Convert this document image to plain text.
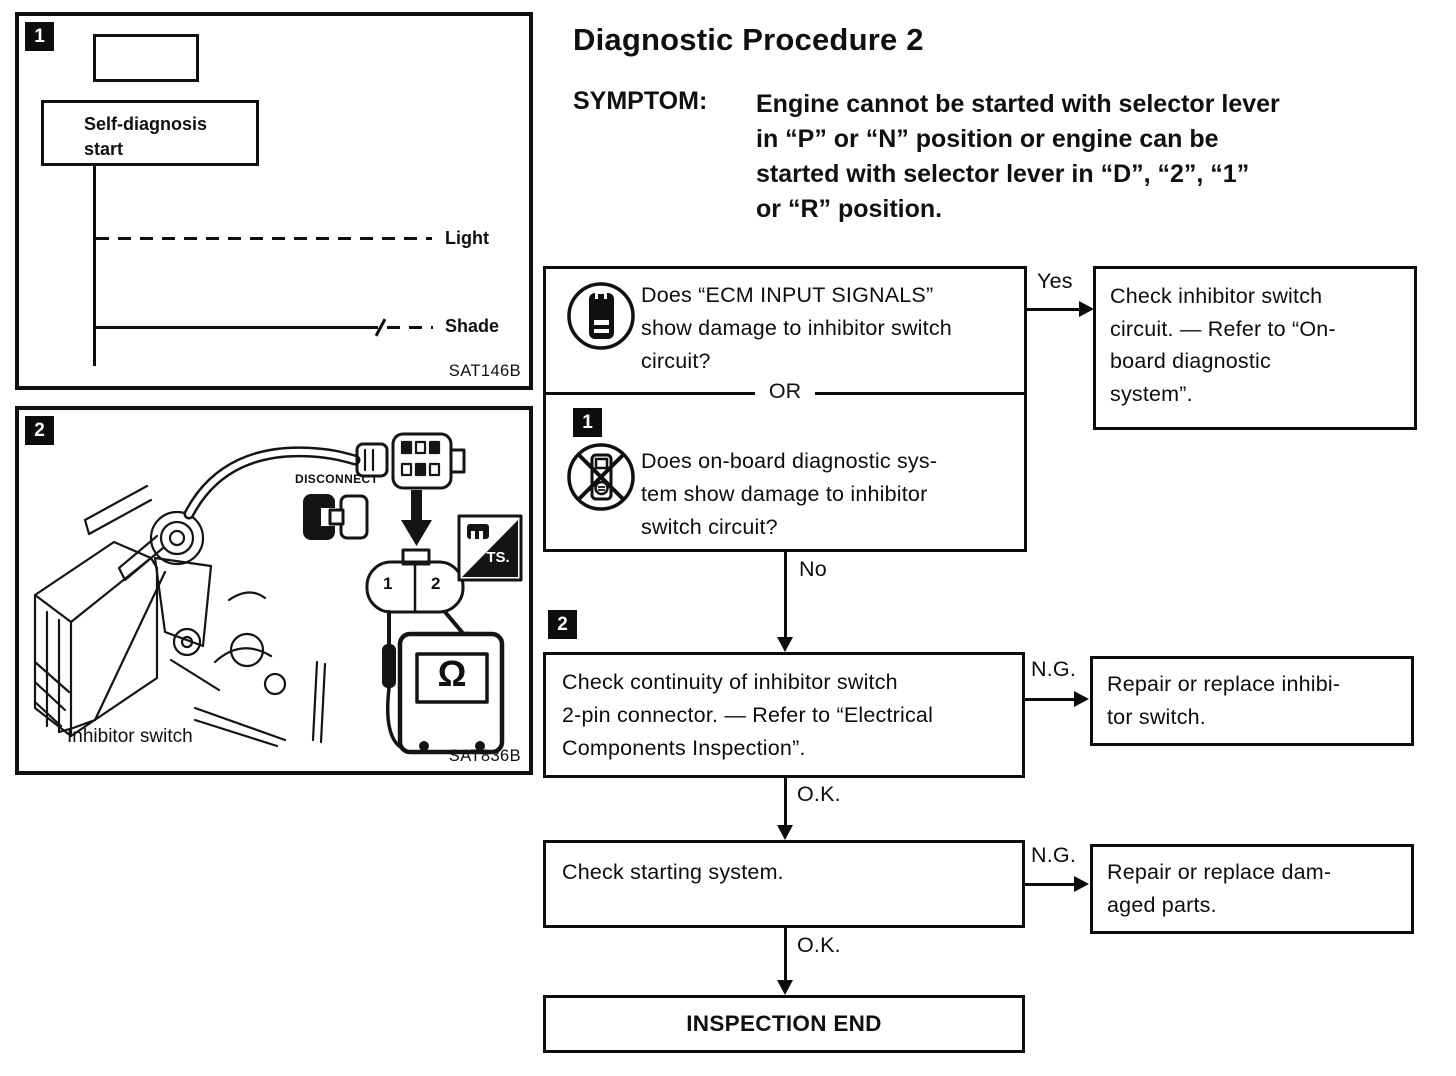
1
Self-diagnosis
start
Light
Shade
SAT146B
2
DISCONNECT
1 2
TS.
Ω
Inhibitor switch
SAT836B
Diagnostic Procedure 2
SYMPTOM: Engine cannot be started with selector lever
in “P” or “N” position or engine can be
started with selector lever in “D”, “2”, “1”
or “R” position.
Does “ECM INPUT SIGNALS”
show damage to inhibitor switch
circuit?
OR
1
Does on-board diagnostic sys-
tem show damage to inhibitor
switch circuit?
Yes
Check inhibitor switch
circuit. — Refer to “On-
board diagnostic
system”.
No
2
Check continuity of inhibitor switch
2-pin connector. — Refer to “Electrical
Components Inspection”.
N.G.
Repair or replace inhibi-
tor switch.
O.K.
Check starting system.
N.G.
Repair or replace dam-
aged parts.
O.K.
INSPECTION END
